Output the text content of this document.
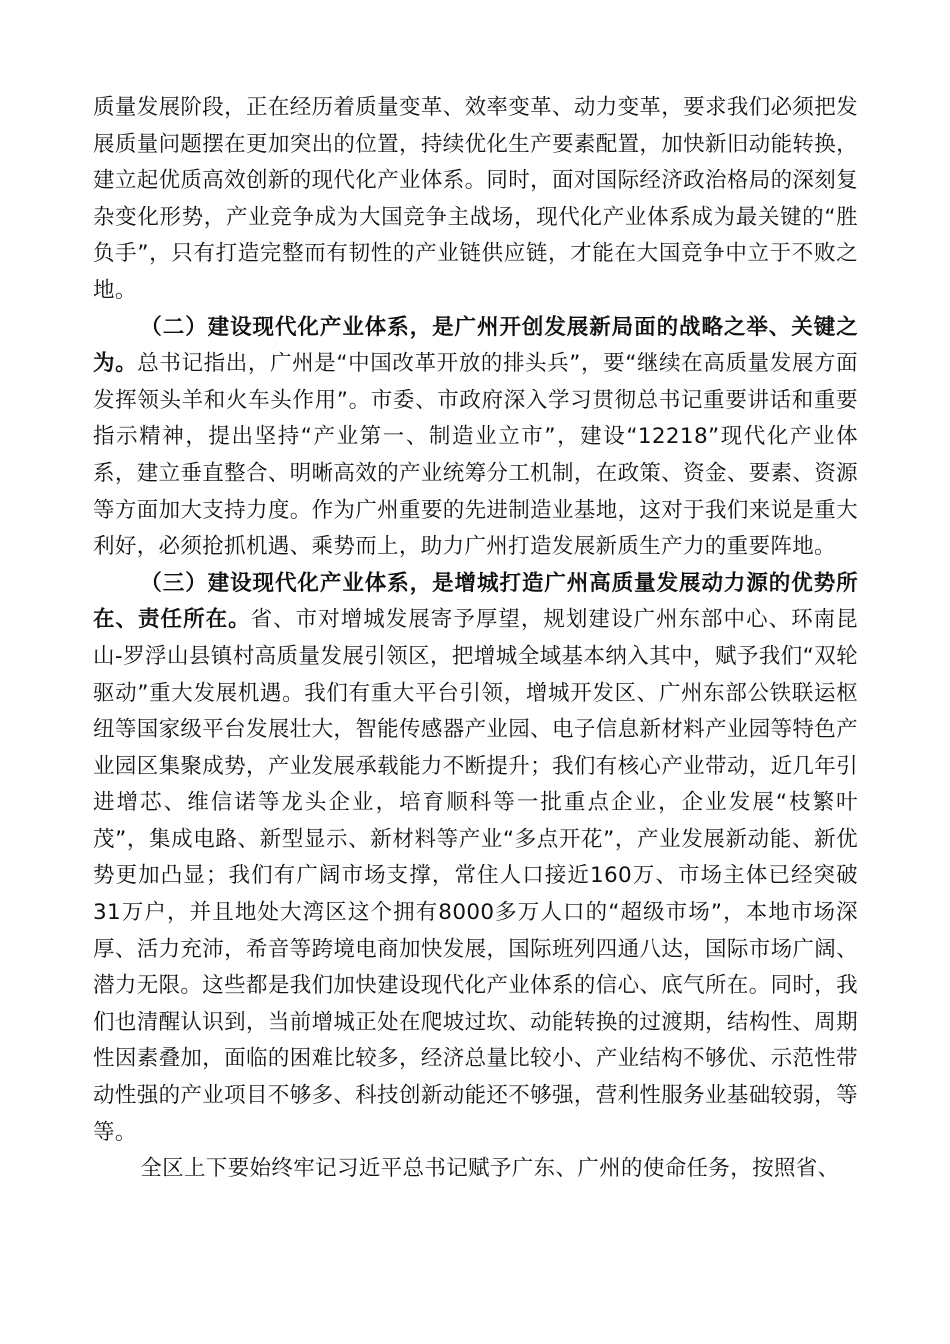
质量发展阶段，正在经历着质量变革、效率变革、动力变革，要求我们必须把发展质量问题摆在更加突出的位置，持续优化生产要素配置，加快新旧动能转换，建立起优质高效创新的现代化产业体系。同时，面对国际经济政治格局的深刻复杂变化形势，产业竞争成为大国竞争主战场，现代化产业体系成为最关键的“胜负手”，只有打造完整而有韧性的产业链供应链，才能在大国竞争中立于不败之地。

（二）建设现代化产业体系，是广州开创发展新局面的战略之举、关键之为。总书记指出，广州是“中国改革开放的排头兵”，要“继续在高质量发展方面发挥领头羊和火车头作用”。市委、市政府深入学习贯彻总书记重要讲话和重要指示精神，提出坚持“产业第一、制造业立市”，建设“12218”现代化产业体系，建立垂直整合、明晰高效的产业统筹分工机制，在政策、资金、要素、资源等方面加大支持力度。作为广州重要的先进制造业基地，这对于我们来说是重大利好，必须抢抓机遇、乘势而上，助力广州打造发展新质生产力的重要阵地。

（三）建设现代化产业体系，是增城打造广州高质量发展动力源的优势所在、责任所在。省、市对增城发展寄予厚望，规划建设广州东部中心、环南昆山-罗浮山县镇村高质量发展引领区，把增城全域基本纳入其中，赋予我们“双轮驱动”重大发展机遇。我们有重大平台引领，增城开发区、广州东部公铁联运枢纽等国家级平台发展壮大，智能传感器产业园、电子信息新材料产业园等特色产业园区集聚成势，产业发展承载能力不断提升；我们有核心产业带动，近几年引进增芯、维信诺等龙头企业，培育顺科等一批重点企业，企业发展“枝繁叶茂”，集成电路、新型显示、新材料等产业“多点开花”，产业发展新动能、新优势更加凸显；我们有广阔市场支撑，常住人口接近160万、市场主体已经突破31万户，并且地处大湾区这个拥有8000多万人口的“超级市场”，本地市场深厚、活力充沛，希音等跨境电商加快发展，国际班列四通八达，国际市场广阔、潜力无限。这些都是我们加快建设现代化产业体系的信心、底气所在。同时，我们也清醒认识到，当前增城正处在爬坡过坎、动能转换的过渡期，结构性、周期性因素叠加，面临的困难比较多，经济总量比较小、产业结构不够优、示范性带动性强的产业项目不够多、科技创新动能还不够强，营利性服务业基础较弱，等等。

全区上下要始终牢记习近平总书记赋予广东、广州的使命任务，按照省、
